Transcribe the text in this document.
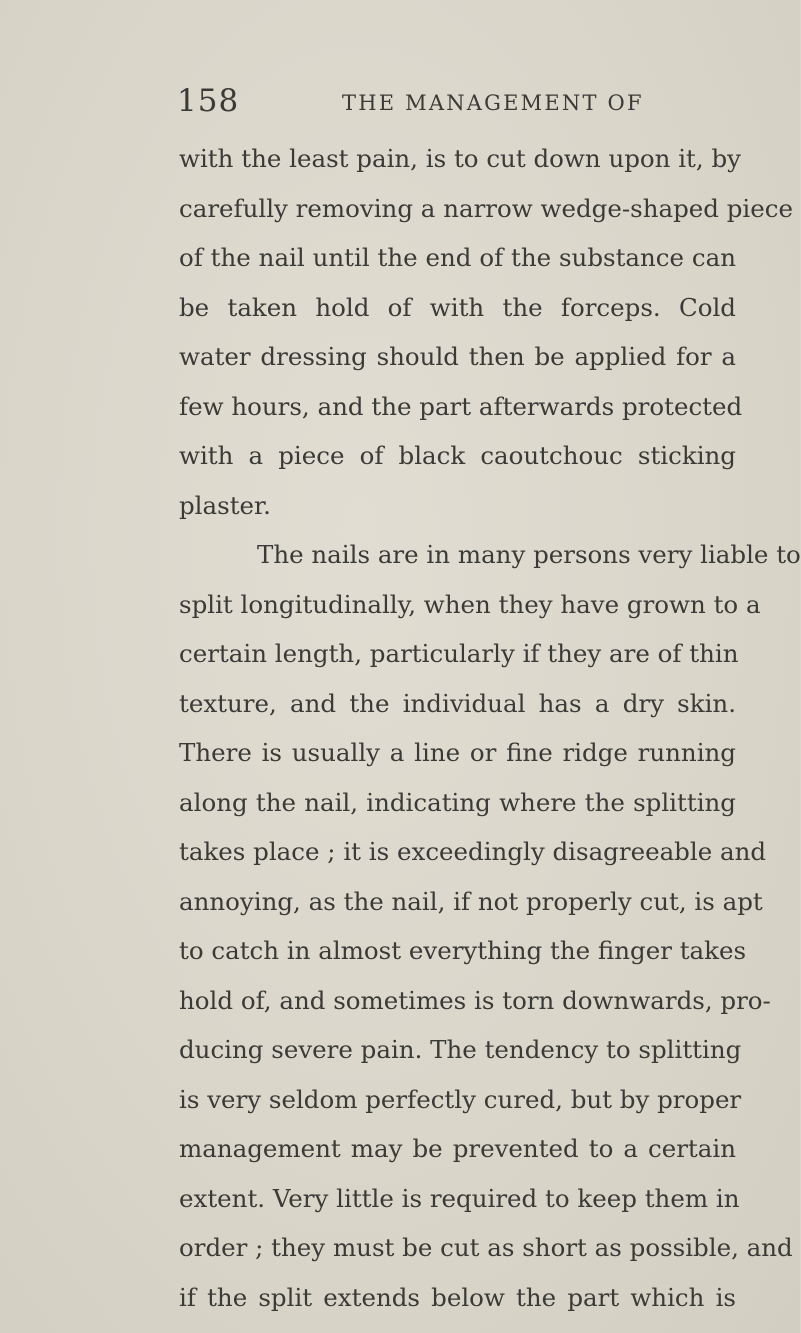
158	THE MANAGEMENT OF
with the least pain, is to cut down upon it, by
carefully removing a narrow wedge-shaped piece
of the nail until the end of the substance can
be taken hold of with the forceps. Cold
water dressing should then be applied for a
few hours, and the part afterwards protected
with a piece of black caoutchouc sticking
plaster.
The nails are in many persons very liable to
split longitudinally, when they have grown to a
certain length, particularly if they are of thin
texture, and the individual has a dry skin.
There is usually a line or fine ridge running
along the nail, indicating where the splitting
takes place ; it is exceedingly disagreeable and
annoying, as the nail, if not properly cut, is apt
to catch in almost everything the finger takes
hold of, and sometimes is torn downwards, pro-
ducing severe pain. The tendency to splitting
is very seldom perfectly cured, but by proper
management may be prevented to a certain
extent. Very little is required to keep them in
order ; they must be cut as short as possible, and
if the split extends below the part which is
